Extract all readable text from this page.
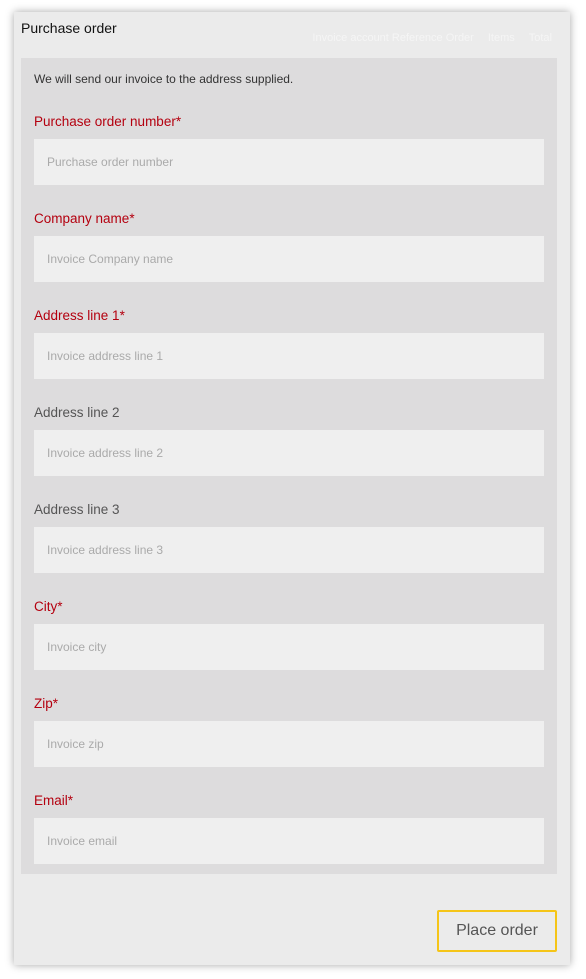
Purchase order
Invoice account Reference Order Items Total
We will send our invoice to the address supplied.
Purchase order number*
Purchase order number
Company name*
Invoice Company name
Address line 1*
Invoice address line 1
Address line 2
Invoice address line 2
Address line 3
Invoice address line 3
City*
Invoice city
Zip*
Invoice zip
Email*
Invoice email
Place order
